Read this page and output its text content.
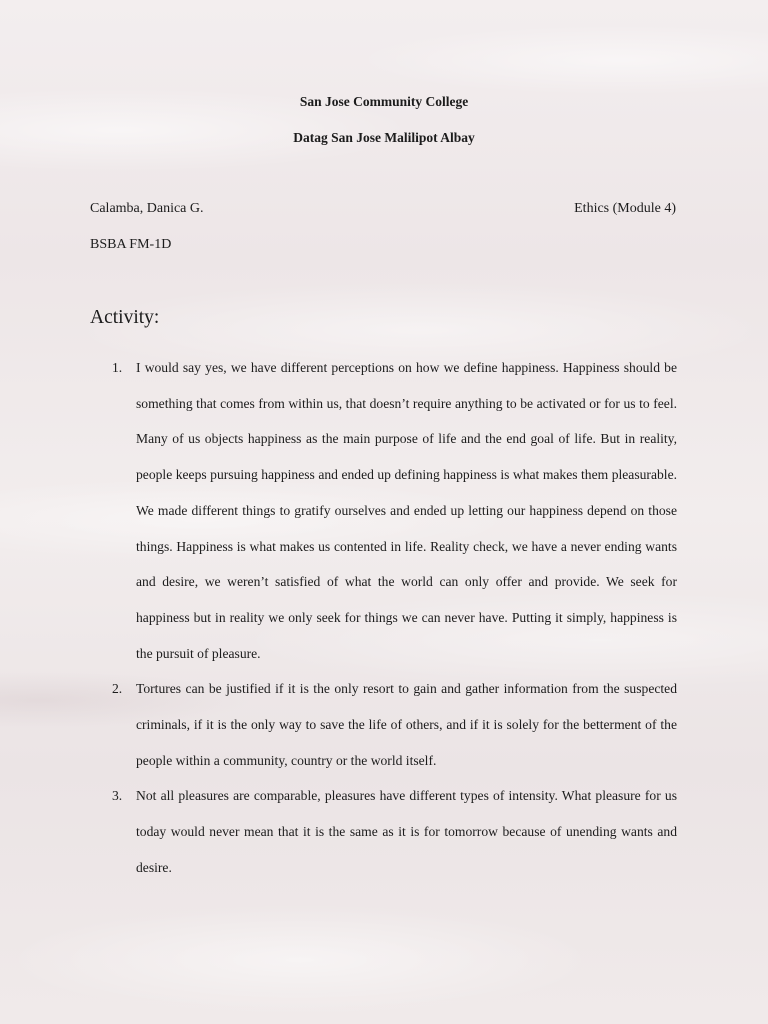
San Jose Community College
Datag San Jose Malilipot Albay
Calamba, Danica G.	Ethics (Module 4)
BSBA FM-1D
Activity:
1. I would say yes, we have different perceptions on how we define happiness. Happiness should be something that comes from within us, that doesn’t require anything to be activated or for us to feel. Many of us objects happiness as the main purpose of life and the end goal of life. But in reality, people keeps pursuing happiness and ended up defining happiness is what makes them pleasurable. We made different things to gratify ourselves and ended up letting our happiness depend on those things. Happiness is what makes us contented in life. Reality check, we have a never ending wants and desire, we weren’t satisfied of what the world can only offer and provide. We seek for happiness but in reality we only seek for things we can never have. Putting it simply, happiness is the pursuit of pleasure.
2. Tortures can be justified if it is the only resort to gain and gather information from the suspected criminals, if it is the only way to save the life of others, and if it is solely for the betterment of the people within a community, country or the world itself.
3. Not all pleasures are comparable, pleasures have different types of intensity. What pleasure for us today would never mean that it is the same as it is for tomorrow because of unending wants and desire.
